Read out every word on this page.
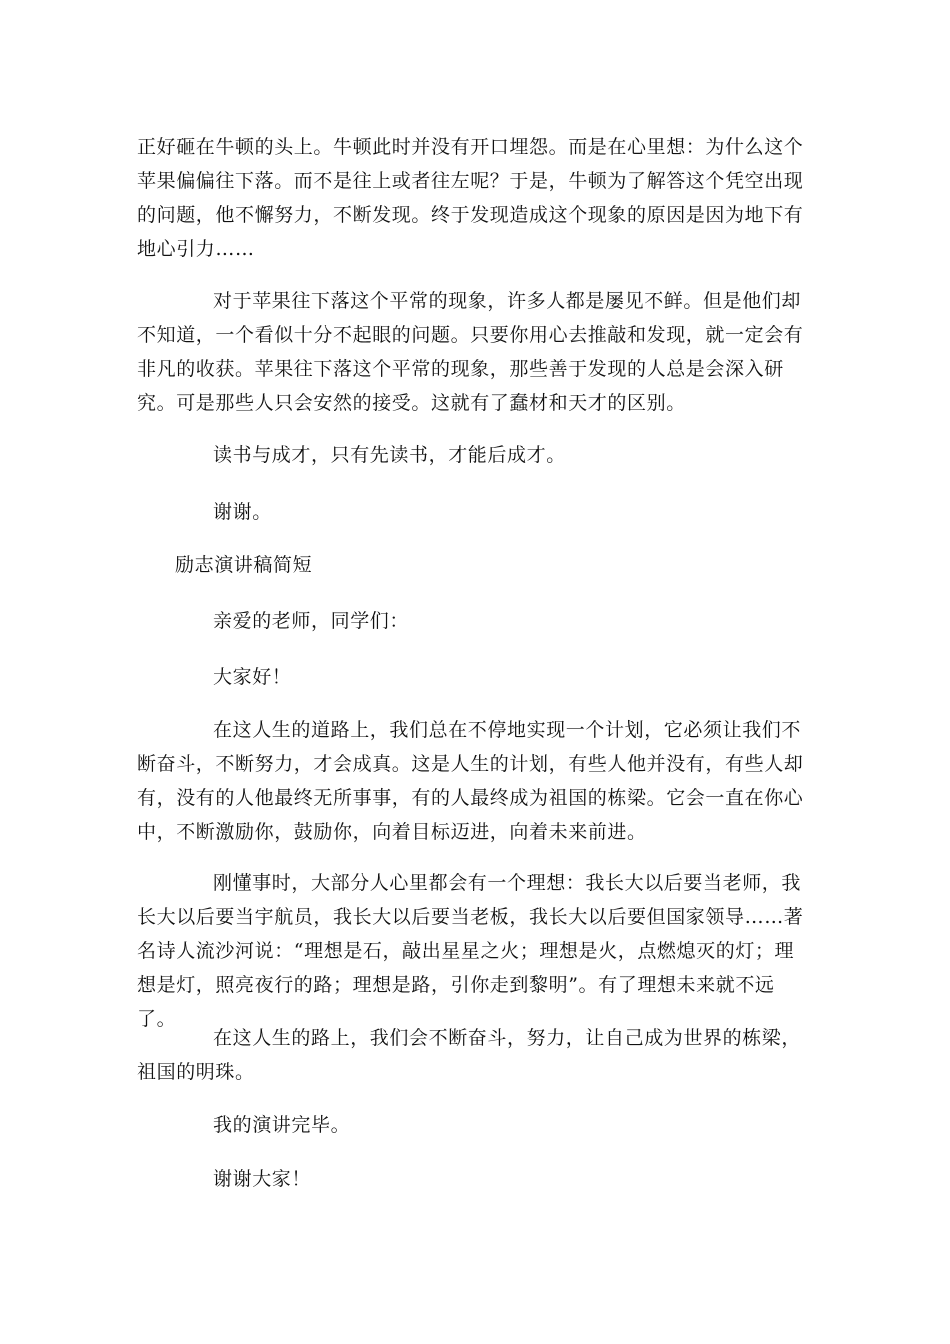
正好砸在牛顿的头上。牛顿此时并没有开口埋怨。而是在心里想：为什么这个苹果偏偏往下落。而不是往上或者往左呢？于是，牛顿为了解答这个凭空出现的问题，他不懈努力，不断发现。终于发现造成这个现象的原因是因为地下有地心引力……

对于苹果往下落这个平常的现象，许多人都是屡见不鲜。但是他们却不知道，一个看似十分不起眼的问题。只要你用心去推敲和发现，就一定会有非凡的收获。苹果往下落这个平常的现象，那些善于发现的人总是会深入研究。可是那些人只会安然的接受。这就有了蠢材和天才的区别。

读书与成才，只有先读书，才能后成才。

谢谢。

励志演讲稿简短

亲爱的老师，同学们：

大家好！

在这人生的道路上，我们总在不停地实现一个计划，它必须让我们不断奋斗，不断努力，才会成真。这是人生的计划，有些人他并没有，有些人却有，没有的人他最终无所事事，有的人最终成为祖国的栋梁。它会一直在你心中，不断激励你，鼓励你，向着目标迈进，向着未来前进。

刚懂事时，大部分人心里都会有一个理想：我长大以后要当老师，我长大以后要当宇航员，我长大以后要当老板，我长大以后要但国家领导……著名诗人流沙河说：“理想是石，敲出星星之火；理想是火，点燃熄灭的灯；理想是灯，照亮夜行的路；理想是路，引你走到黎明”。有了理想未来就不远了。

在这人生的路上，我们会不断奋斗，努力，让自己成为世界的栋梁，祖国的明珠。

我的演讲完毕。

谢谢大家！
